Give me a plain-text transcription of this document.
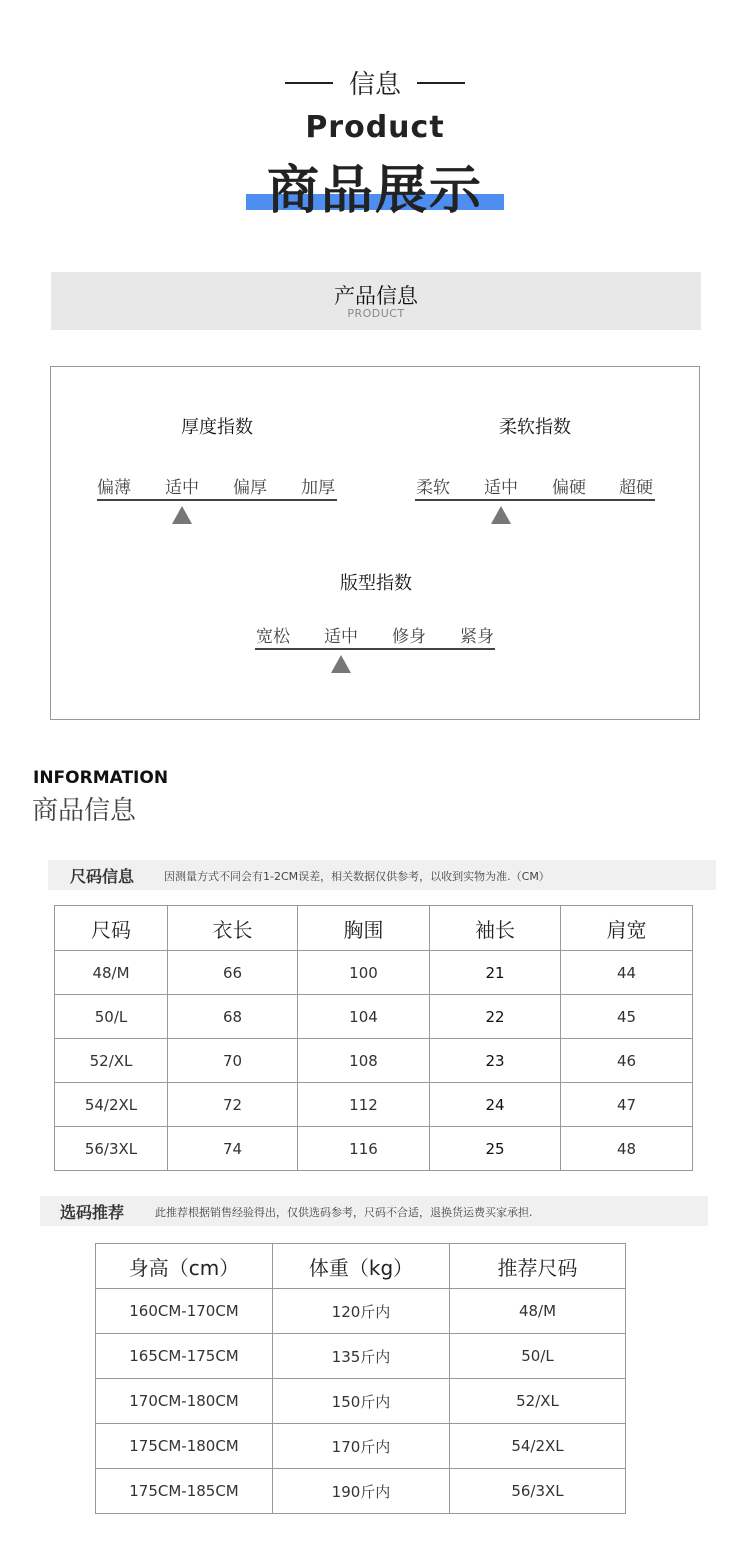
信息
Product
商品展示
产品信息
PRODUCT
厚度指数
偏薄	适中	偏厚	加厚
柔软指数
柔软	适中	偏硬	超硬
版型指数
宽松	适中	修身	紧身
INFORMATION
商品信息
尺码信息	因测量方式不同会有1-2CM误差，相关数据仅供参考，以收到实物为准.（CM）
尺码	衣长	胸围	袖长	肩宽
48/M	66	100	21	44
50/L	68	104	22	45
52/XL	70	108	23	46
54/2XL	72	112	24	47
56/3XL	74	116	25	48
选码推荐	此推荐根据销售经验得出，仅供选码参考，尺码不合适，退换货运费买家承担.
身高（cm）	体重（kg）	推荐尺码
160CM-170CM	120斤内	48/M
165CM-175CM	135斤内	50/L
170CM-180CM	150斤内	52/XL
175CM-180CM	170斤内	54/2XL
175CM-185CM	190斤内	56/3XL
